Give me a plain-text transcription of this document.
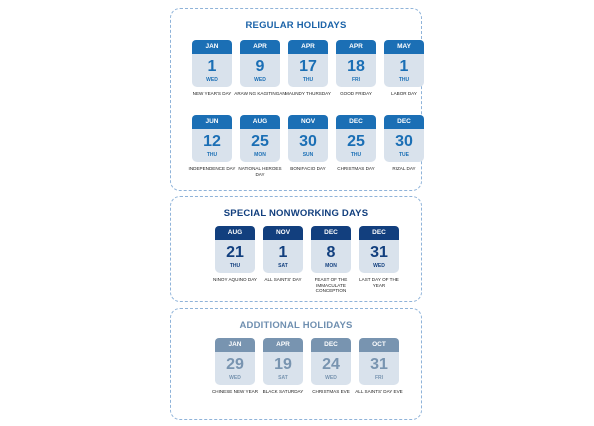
REGULAR HOLIDAYS
JAN
1
WED
NEW YEAR'S DAY
APR
9
WED
ARAW NG KAGITINGAN
APR
17
THU
MAUNDY THURSDAY
APR
18
FRI
GOOD FRIDAY
MAY
1
THU
LABOR DAY
JUN
12
THU
INDEPENDENCE DAY
AUG
25
MON
NATIONAL HEROES DAY
NOV
30
SUN
BONIFACIO DAY
DEC
25
THU
CHRISTMAS DAY
DEC
30
TUE
RIZAL DAY
SPECIAL NONWORKING DAYS
AUG
21
THU
NINOY AQUINO DAY
NOV
1
SAT
ALL SAINTS' DAY
DEC
8
MON
FEAST OF THE IMMACULATE CONCEPTION
DEC
31
WED
LAST DAY OF THE YEAR
ADDITIONAL HOLIDAYS
JAN
29
WED
CHINESE NEW YEAR
APR
19
SAT
BLACK SATURDAY
DEC
24
WED
CHRISTMAS EVE
OCT
31
FRI
ALL SAINTS' DAY EVE
